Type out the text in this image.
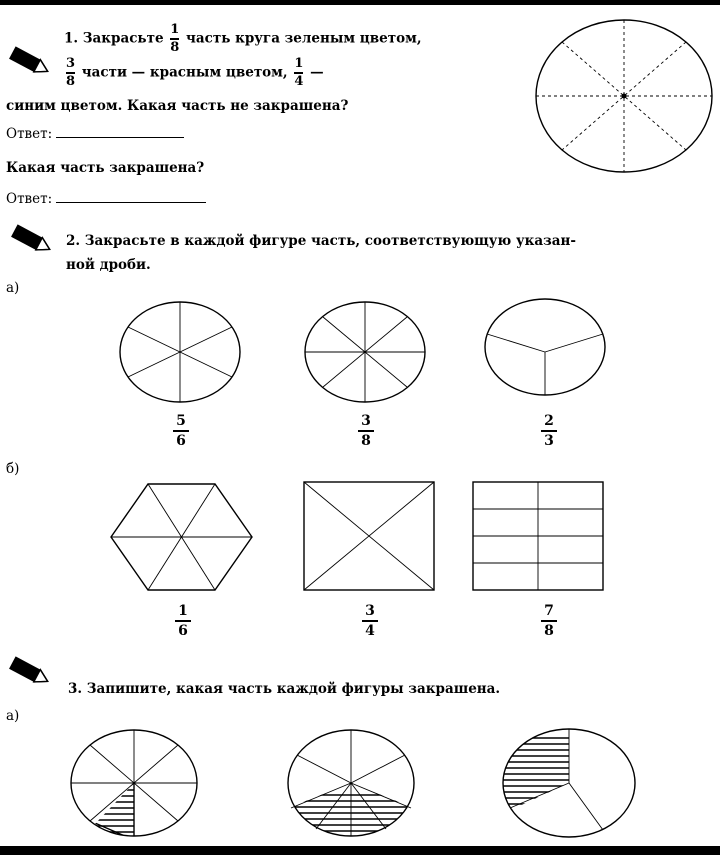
1. Закрасьте $\frac{1}{8}$ часть круга зеленым цветом,
$\frac{3}{8}$ части — красным цветом, $\frac{1}{4}$ —
синим цветом. Какая часть не закрашена?
Ответ:
Какая часть закрашена?
Ответ:
2. Закрасьте в каждой фигуре часть, соответствующую указан-
ной дроби.
а)
б)
5
6
3
8
2
3
1
6
3
4
7
8
3. Запишите, какая часть каждой фигуры закрашена.
а)
